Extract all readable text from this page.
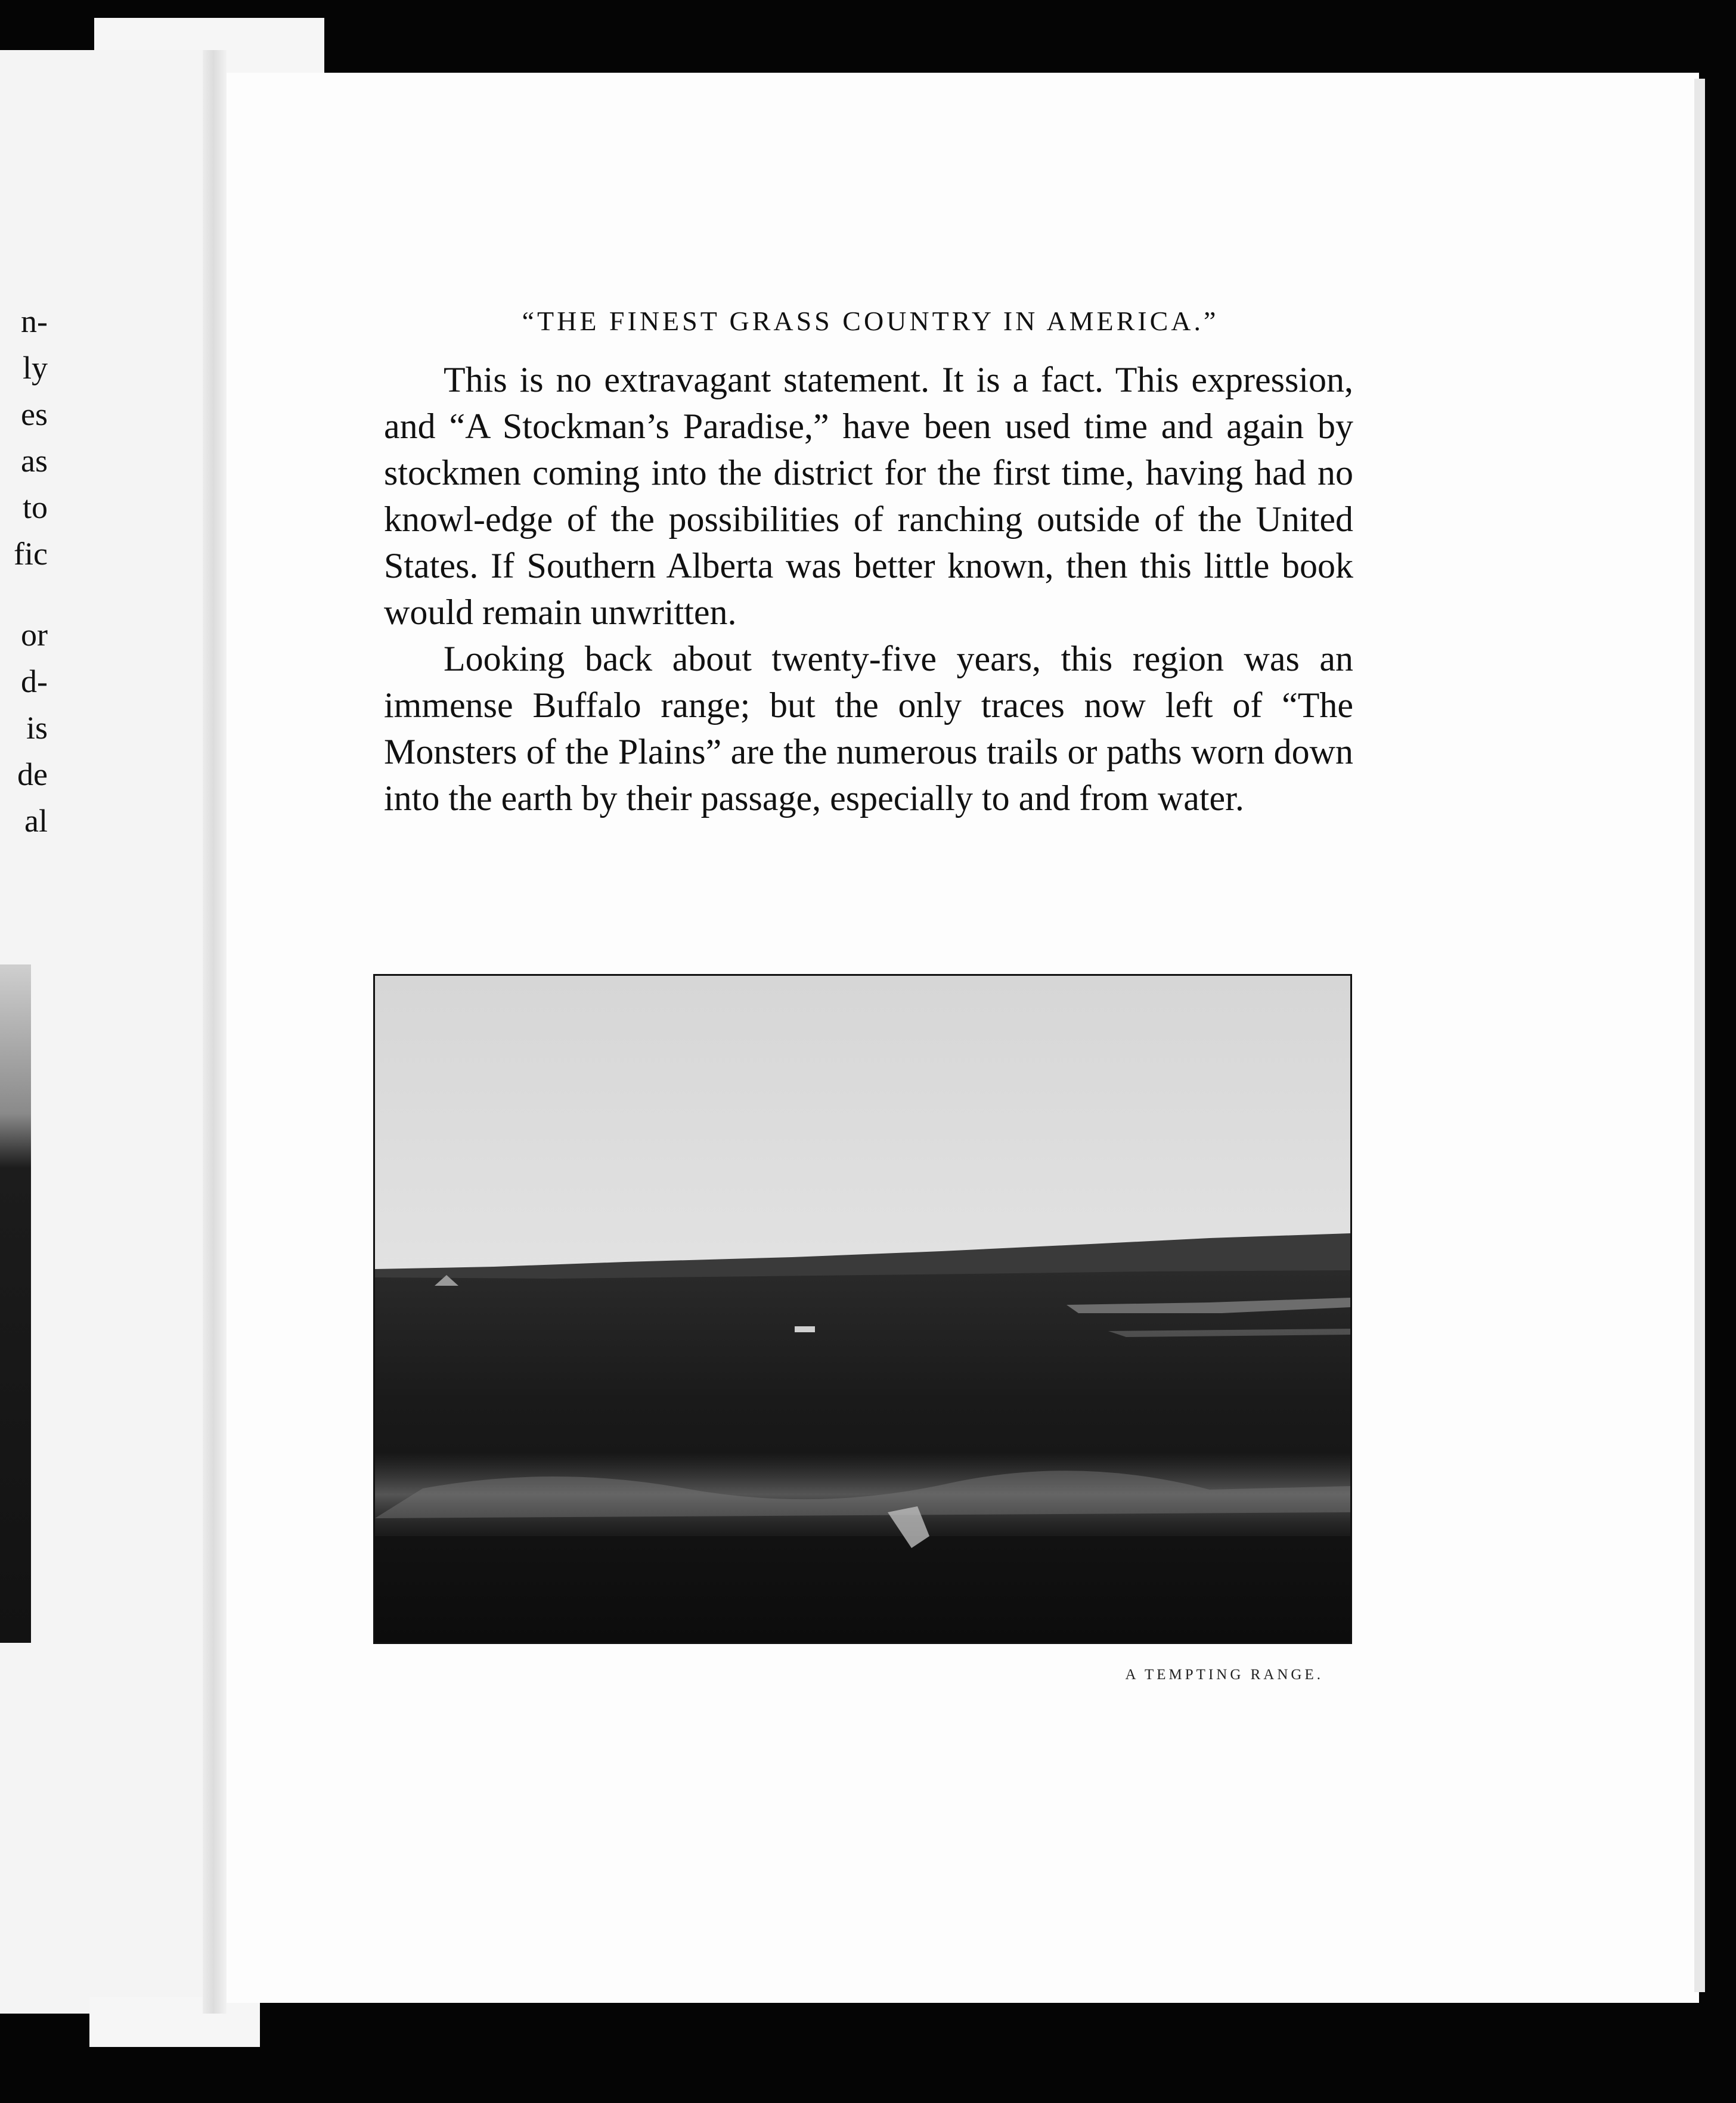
n-
ly
es
as
to
fic
or
d-
is
de
al
“THE FINEST GRASS COUNTRY IN AMERICA.”

This is no extravagant statement. It is a fact. This expression, and “A Stockman’s Paradise,” have been used time and again by stockmen coming into the district for the first time, having had no knowl-edge of the possibilities of ranching outside of the United States. If Southern Alberta was better known, then this little book would remain unwritten.

Looking back about twenty-five years, this region was an immense Buffalo range; but the only traces now left of “The Monsters of the Plains” are the numerous trails or paths worn down into the earth by their passage, especially to and from water.

A TEMPTING RANGE.
